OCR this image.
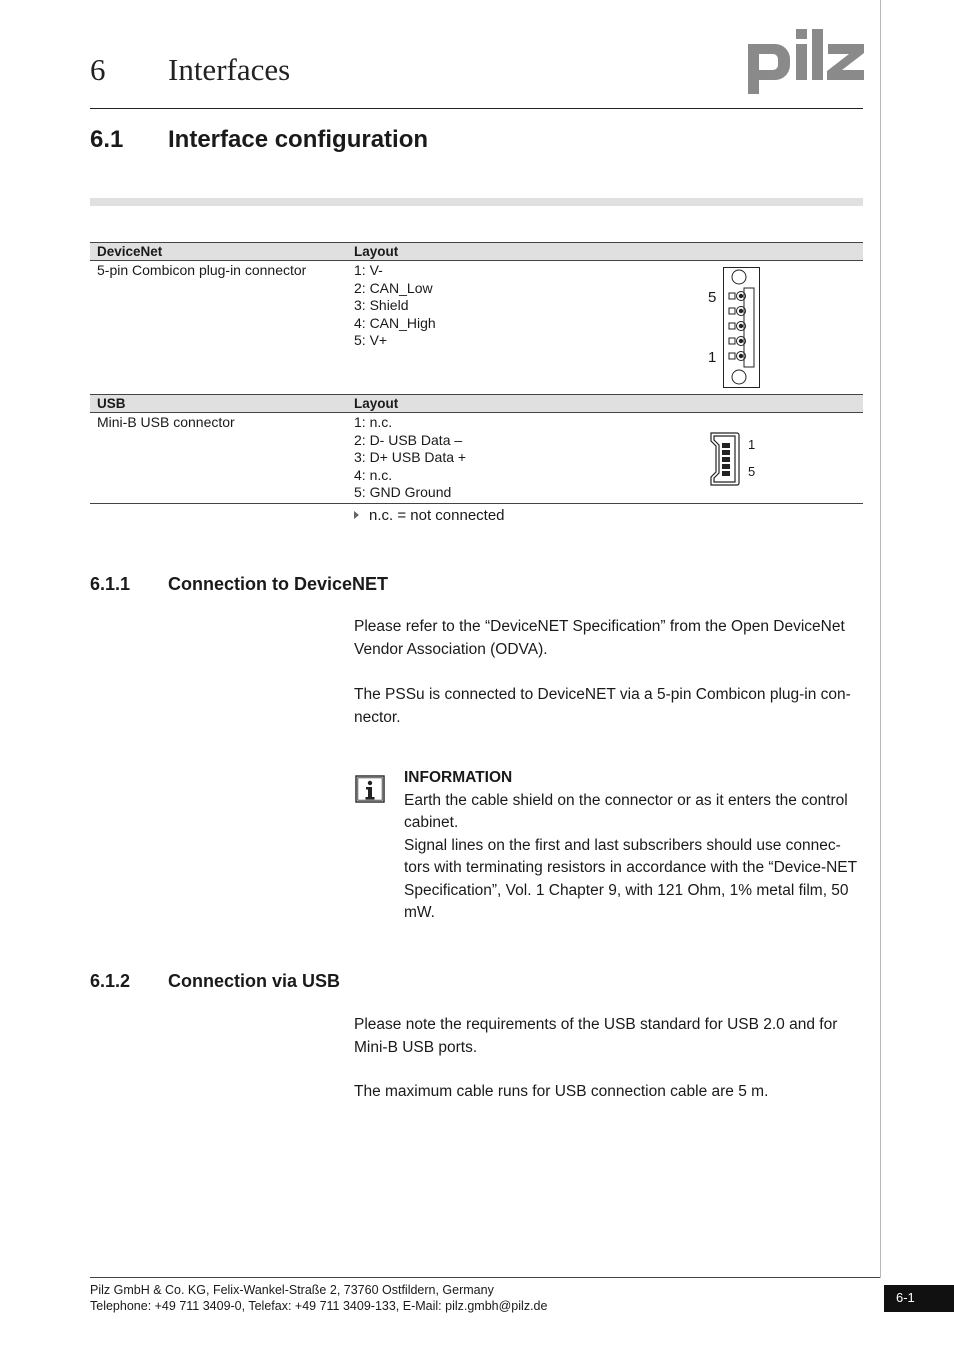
6 Interfaces
6.1 Interface configuration
DeviceNet	Layout
5-pin Combicon plug-in connector	1: V-
2: CAN_Low
3: Shield
4: CAN_High
5: V+
5
1
USB	Layout
Mini-B USB connector	1: n.c.
2: D- USB Data –
3: D+ USB Data +
4: n.c.
5: GND Ground
1
5
n.c. = not connected
6.1.1 Connection to DeviceNET
Please refer to the “DeviceNET Specification” from the Open DeviceNet Vendor Association (ODVA).
The PSSu is connected to DeviceNET via a 5-pin Combicon plug-in con-nector.
INFORMATION
Earth the cable shield on the connector or as it enters the control cabinet.
Signal lines on the first and last subscribers should use connec-tors with terminating resistors in accordance with the “Device-NET Specification”, Vol. 1 Chapter 9, with 121 Ohm, 1% metal film, 50 mW.
6.1.2 Connection via USB
Please note the requirements of the USB standard for USB 2.0 and for Mini-B USB ports.
The maximum cable runs for USB connection cable are 5 m.
Pilz GmbH & Co. KG, Felix-Wankel-Straße 2, 73760 Ostfildern, Germany
Telephone: +49 711 3409-0, Telefax: +49 711 3409-133, E-Mail: pilz.gmbh@pilz.de
6-1
